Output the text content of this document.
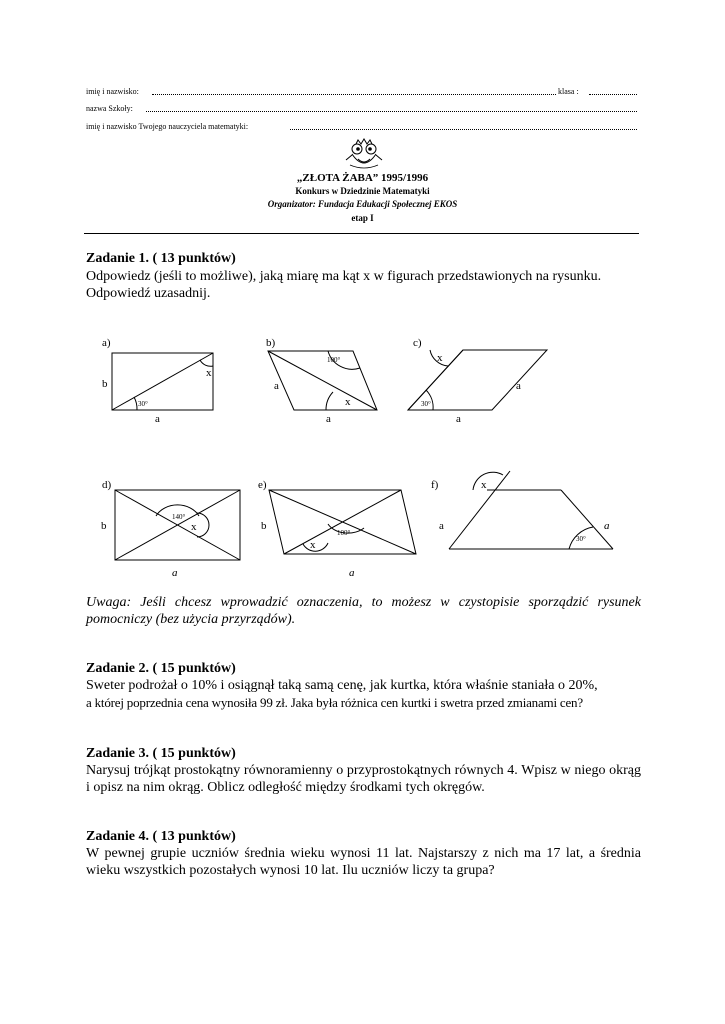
imię i nazwisko:	klasa :
nazwa Szkoły:
imię i nazwisko Twojego nauczyciela matematyki:
„ZŁOTA ŻABA” 1995/1996
Konkurs w Dziedzinie Matematyki
Organizator: Fundacja Edukacji Społecznej EKOS
etap I
Zadanie 1. ( 13 punktów)
Odpowiedz (jeśli to możliwe), jaką miarę ma kąt x w figurach przedstawionych na rysunku. Odpowiedź uzasadnij.
a)
b
a
30°
x
b)
a
a
100°
x
c)
a
a
30°
x
d)
b
a
140°
x
e)
b
a
100°
x
f)
a	a
30°
x
Uwaga: Jeśli chcesz wprowadzić oznaczenia, to możesz w czystopisie sporządzić rysunek pomocniczy (bez użycia przyrządów).
Zadanie 2. ( 15 punktów)
Sweter podrożał o 10% i osiągnął taką samą cenę, jak kurtka, która właśnie staniała o 20%,
a której poprzednia cena wynosiła 99 zł. Jaka była różnica cen kurtki i swetra przed zmianami cen?
Zadanie 3. ( 15 punktów)
Narysuj trójkąt prostokątny równoramienny o przyprostokątnych równych 4. Wpisz w niego okrąg i opisz na nim okrąg. Oblicz odległość między środkami tych okręgów.
Zadanie 4. ( 13 punktów)
W pewnej grupie uczniów średnia wieku wynosi 11 lat. Najstarszy z nich ma 17 lat, a średnia wieku wszystkich pozostałych wynosi 10 lat. Ilu uczniów liczy ta grupa?
